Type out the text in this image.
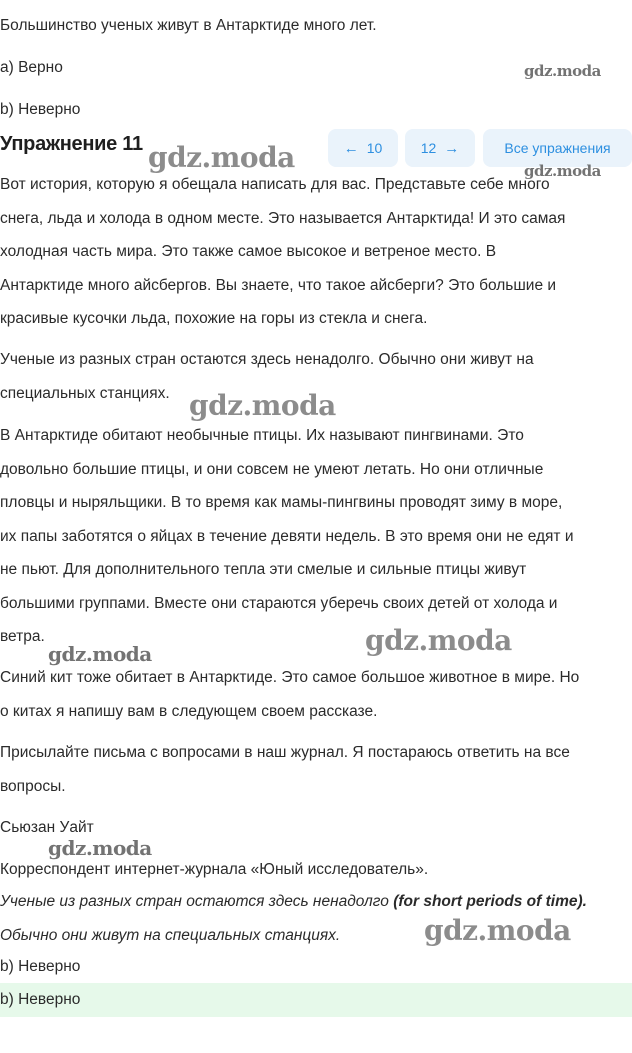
Большинство ученых живут в Антарктиде много лет.
a) Верно
b) Неверно
Упражнение 11	← 10	12 →	Все упражнения
Вот история, которую я обещала написать для вас. Представьте себе много
снега, льда и холода в одном месте. Это называется Антарктида! И это самая
холодная часть мира. Это также самое высокое и ветреное место. В
Антарктиде много айсбергов. Вы знаете, что такое айсберги? Это большие и
красивые кусочки льда, похожие на горы из стекла и снега.
Ученые из разных стран остаются здесь ненадолго. Обычно они живут на
специальных станциях.
В Антарктиде обитают необычные птицы. Их называют пингвинами. Это
довольно большие птицы, и они совсем не умеют летать. Но они отличные
пловцы и ныряльщики. В то время как мамы-пингвины проводят зиму в море,
их папы заботятся о яйцах в течение девяти недель. В это время они не едят и
не пьют. Для дополнительного тепла эти смелые и сильные птицы живут
большими группами. Вместе они стараются уберечь своих детей от холода и
ветра.
Синий кит тоже обитает в Антарктиде. Это самое большое животное в мире. Но
о китах я напишу вам в следующем своем рассказе.
Присылайте письма с вопросами в наш журнал. Я постараюсь ответить на все
вопросы.
Сьюзан Уайт
Корреспондент интернет-журнала «Юный исследователь».
Ученые из разных стран остаются здесь ненадолго (for short periods of time).
Обычно они живут на специальных станциях.
b) Неверно
b) Неверно
gdz.moda
gdz.moda	gdz.moda
gdz.moda
gdz.moda
gdz.moda
gdz.moda
gdz.moda
